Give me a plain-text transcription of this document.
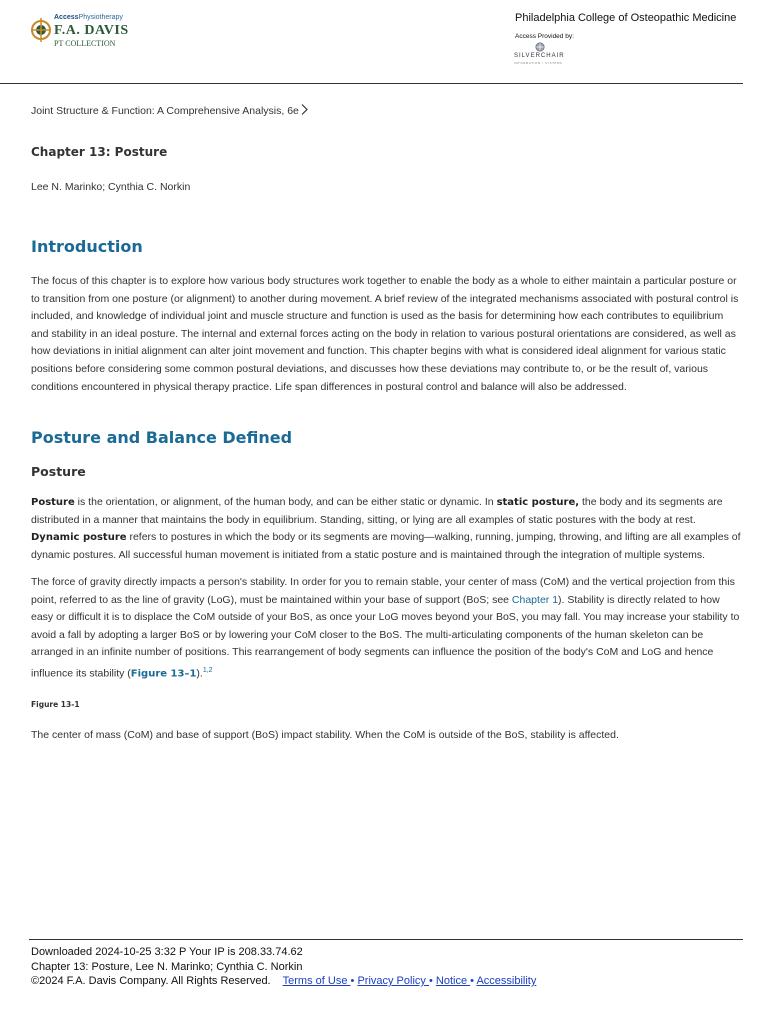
AccessPhysiotherapy
F.A. DAVIS
PT COLLECTION
Philadelphia College of Osteopathic Medicine
Access Provided by:
SILVERCHAIR
INFORMATION / SYSTEMS
Joint Structure & Function: A Comprehensive Analysis, 6e
Chapter 13: Posture
Lee N. Marinko; Cynthia C. Norkin
Introduction

The focus of this chapter is to explore how various body structures work together to enable the body as a whole to either maintain a particular posture or to transition from one posture (or alignment) to another during movement. A brief review of the integrated mechanisms associated with postural control is included, and knowledge of individual joint and muscle structure and function is used as the basis for determining how each contributes to equilibrium and stability in an ideal posture. The internal and external forces acting on the body in relation to various postural orientations are considered, as well as how deviations in initial alignment can alter joint movement and function. This chapter begins with what is considered ideal alignment for various static positions before considering some common postural deviations, and discusses how these deviations may contribute to, or be the result of, various conditions encountered in physical therapy practice. Life span differences in postural control and balance will also be addressed.

Posture and Balance Defined
Posture

Posture is the orientation, or alignment, of the human body, and can be either static or dynamic. In static posture, the body and its segments are distributed in a manner that maintains the body in equilibrium. Standing, sitting, or lying are all examples of static postures with the body at rest. Dynamic posture refers to postures in which the body or its segments are moving—walking, running, jumping, throwing, and lifting are all examples of dynamic postures. All successful human movement is initiated from a static posture and is maintained through the integration of multiple systems.

The force of gravity directly impacts a person's stability. In order for you to remain stable, your center of mass (CoM) and the vertical projection from this point, referred to as the line of gravity (LoG), must be maintained within your base of support (BoS; see Chapter 1). Stability is directly related to how easy or difficult it is to displace the CoM outside of your BoS, as once your LoG moves beyond your BoS, you may fall. You may increase your stability to avoid a fall by adopting a larger BoS or by lowering your CoM closer to the BoS. The multi-articulating components of the human skeleton can be arranged in an infinite number of positions. This rearrangement of body segments can influence the position of the body's CoM and LoG and hence influence its stability (Figure 13–1).$^{1,2}$

Figure 13-1
The center of mass (CoM) and base of support (BoS) impact stability. When the CoM is outside of the BoS, stability is affected.
Downloaded 2024-10-25 3:32 P Your IP is 208.33.74.62
Chapter 13: Posture, Lee N. Marinko; Cynthia C. Norkin
©2024 F.A. Davis Company. All Rights Reserved. Terms of Use • Privacy Policy • Notice • Accessibility
